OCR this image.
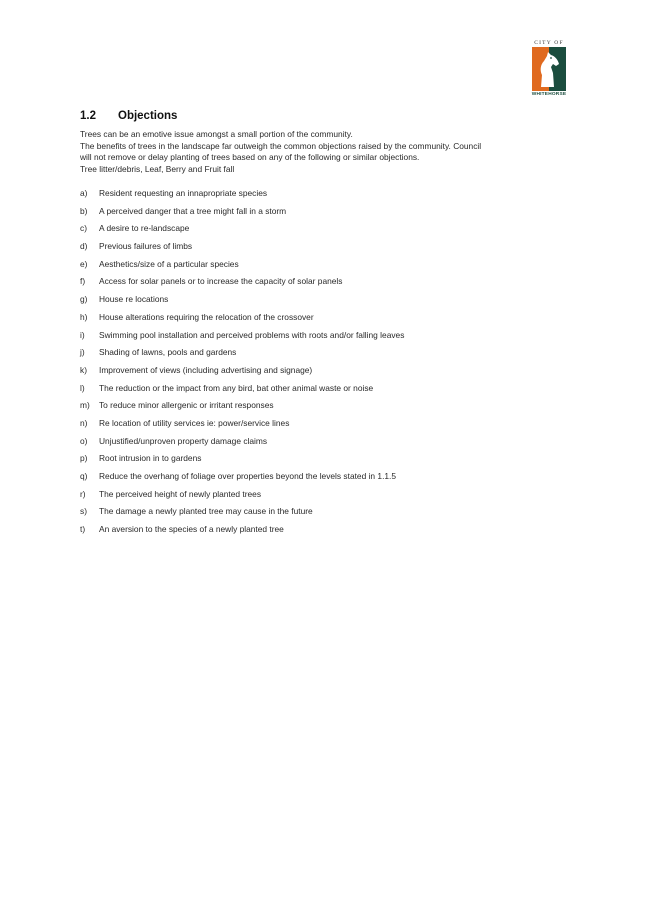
CITY OF
WHITEHORSE
1.2 Objections

Trees can be an emotive issue amongst a small portion of the community.

The benefits of trees in the landscape far outweigh the common objections raised by the community. Council

will not remove or delay planting of trees based on any of the following or similar objections.

Tree litter/debris, Leaf, Berry and Fruit fall

a) Resident requesting an innapropriate species
b) A perceived danger that a tree might fall in a storm
c) A desire to re-landscape
d) Previous failures of limbs
e) Aesthetics/size of a particular species
f) Access for solar panels or to increase the capacity of solar panels
g) House re locations
h) House alterations requiring the relocation of the crossover
i) Swimming pool installation and perceived problems with roots and/or falling leaves
j) Shading of lawns, pools and gardens
k) Improvement of views (including advertising and signage)
l) The reduction or the impact from any bird, bat other animal waste or noise
m) To reduce minor allergenic or irritant responses
n) Re location of utility services ie: power/service lines
o) Unjustified/unproven property damage claims
p) Root intrusion in to gardens
q) Reduce the overhang of foliage over properties beyond the levels stated in 1.1.5
r) The perceived height of newly planted trees
s) The damage a newly planted tree may cause in the future
t) An aversion to the species of a newly planted tree
